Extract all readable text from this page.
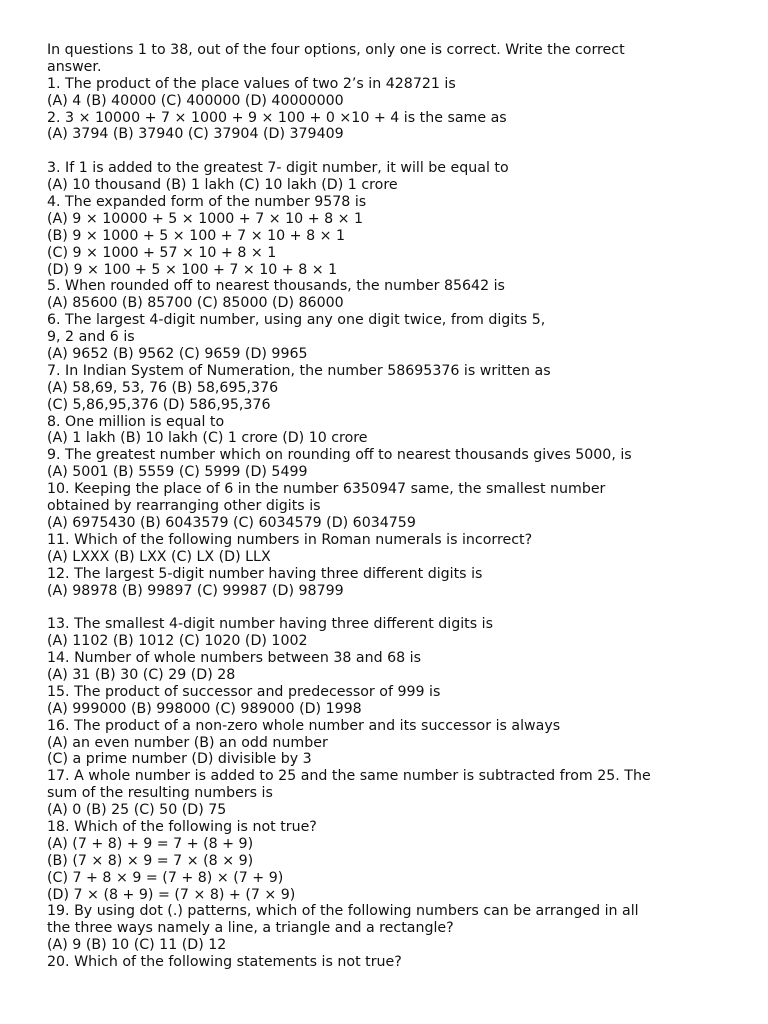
In questions 1 to 38, out of the four options, only one is correct. Write the correct
answer.
1. The product of the place values of two 2’s in 428721 is
(A) 4 (B) 40000 (C) 400000 (D) 40000000
2. 3 × 10000 + 7 × 1000 + 9 × 100 + 0 ×10 + 4 is the same as
(A) 3794 (B) 37940 (C) 37904 (D) 379409
3. If 1 is added to the greatest 7- digit number, it will be equal to
(A) 10 thousand (B) 1 lakh (C) 10 lakh (D) 1 crore
4. The expanded form of the number 9578 is
(A) 9 × 10000 + 5 × 1000 + 7 × 10 + 8 × 1
(B) 9 × 1000 + 5 × 100 + 7 × 10 + 8 × 1
(C) 9 × 1000 + 57 × 10 + 8 × 1
(D) 9 × 100 + 5 × 100 + 7 × 10 + 8 × 1
5. When rounded off to nearest thousands, the number 85642 is
(A) 85600 (B) 85700 (C) 85000 (D) 86000
6. The largest 4-digit number, using any one digit twice, from digits 5,
9, 2 and 6 is
(A) 9652 (B) 9562 (C) 9659 (D) 9965
7. In Indian System of Numeration, the number 58695376 is written as
(A) 58,69, 53, 76 (B) 58,695,376
(C) 5,86,95,376 (D) 586,95,376
8. One million is equal to
(A) 1 lakh (B) 10 lakh (C) 1 crore (D) 10 crore
9. The greatest number which on rounding off to nearest thousands gives 5000, is
(A) 5001 (B) 5559 (C) 5999 (D) 5499
10. Keeping the place of 6 in the number 6350947 same, the smallest number
obtained by rearranging other digits is
(A) 6975430 (B) 6043579 (C) 6034579 (D) 6034759
11. Which of the following numbers in Roman numerals is incorrect?
(A) LXXX (B) LXX (C) LX (D) LLX
12. The largest 5-digit number having three different digits is
(A) 98978 (B) 99897 (C) 99987 (D) 98799
13. The smallest 4-digit number having three different digits is
(A) 1102 (B) 1012 (C) 1020 (D) 1002
14. Number of whole numbers between 38 and 68 is
(A) 31 (B) 30 (C) 29 (D) 28
15. The product of successor and predecessor of 999 is
(A) 999000 (B) 998000 (C) 989000 (D) 1998
16. The product of a non-zero whole number and its successor is always
(A) an even number (B) an odd number
(C) a prime number (D) divisible by 3
17. A whole number is added to 25 and the same number is subtracted from 25. The
sum of the resulting numbers is
(A) 0 (B) 25 (C) 50 (D) 75
18. Which of the following is not true?
(A) (7 + 8) + 9 = 7 + (8 + 9)
(B) (7 × 8) × 9 = 7 × (8 × 9)
(C) 7 + 8 × 9 = (7 + 8) × (7 + 9)
(D) 7 × (8 + 9) = (7 × 8) + (7 × 9)
19. By using dot (.) patterns, which of the following numbers can be arranged in all
the three ways namely a line, a triangle and a rectangle?
(A) 9 (B) 10 (C) 11 (D) 12
20. Which of the following statements is not true?
